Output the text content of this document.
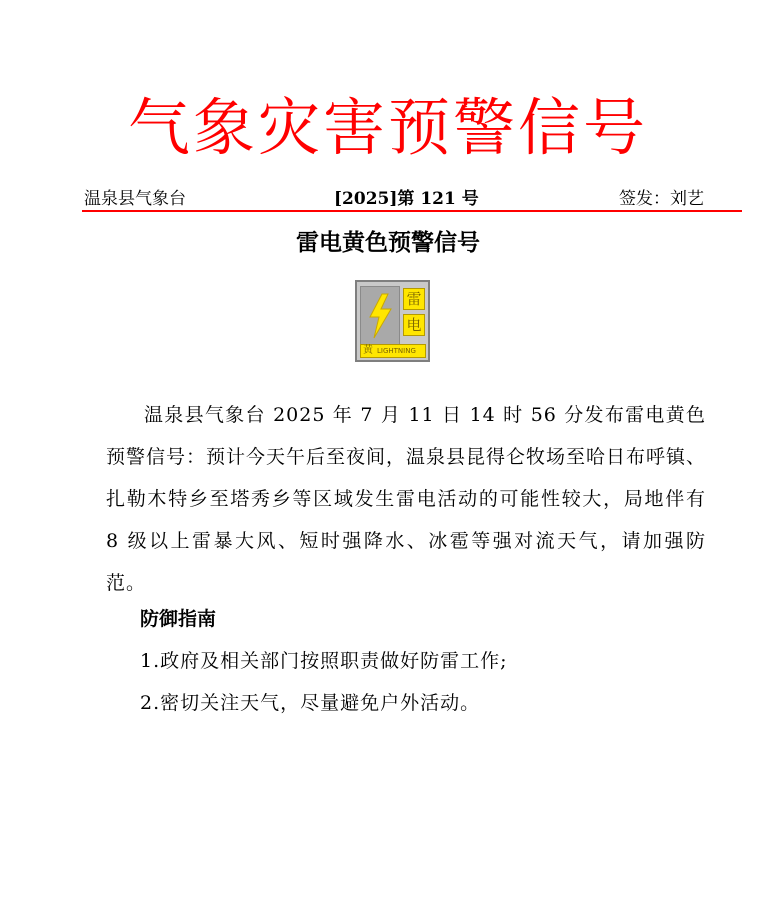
气象灾害预警信号
温泉县气象台	[2025]第 121 号	签发：刘艺
雷电黄色预警信号
雷
电
黄 LIGHTNING
温泉县气象台 2025 年 7 月 11 日 14 时 56 分发布雷电黄色预警信号：预计今天午后至夜间，温泉县昆得仑牧场至哈日布呼镇、扎勒木特乡至塔秀乡等区域发生雷电活动的可能性较大，局地伴有 8 级以上雷暴大风、短时强降水、冰雹等强对流天气，请加强防范。
防御指南
1.政府及相关部门按照职责做好防雷工作;
2.密切关注天气，尽量避免户外活动。
